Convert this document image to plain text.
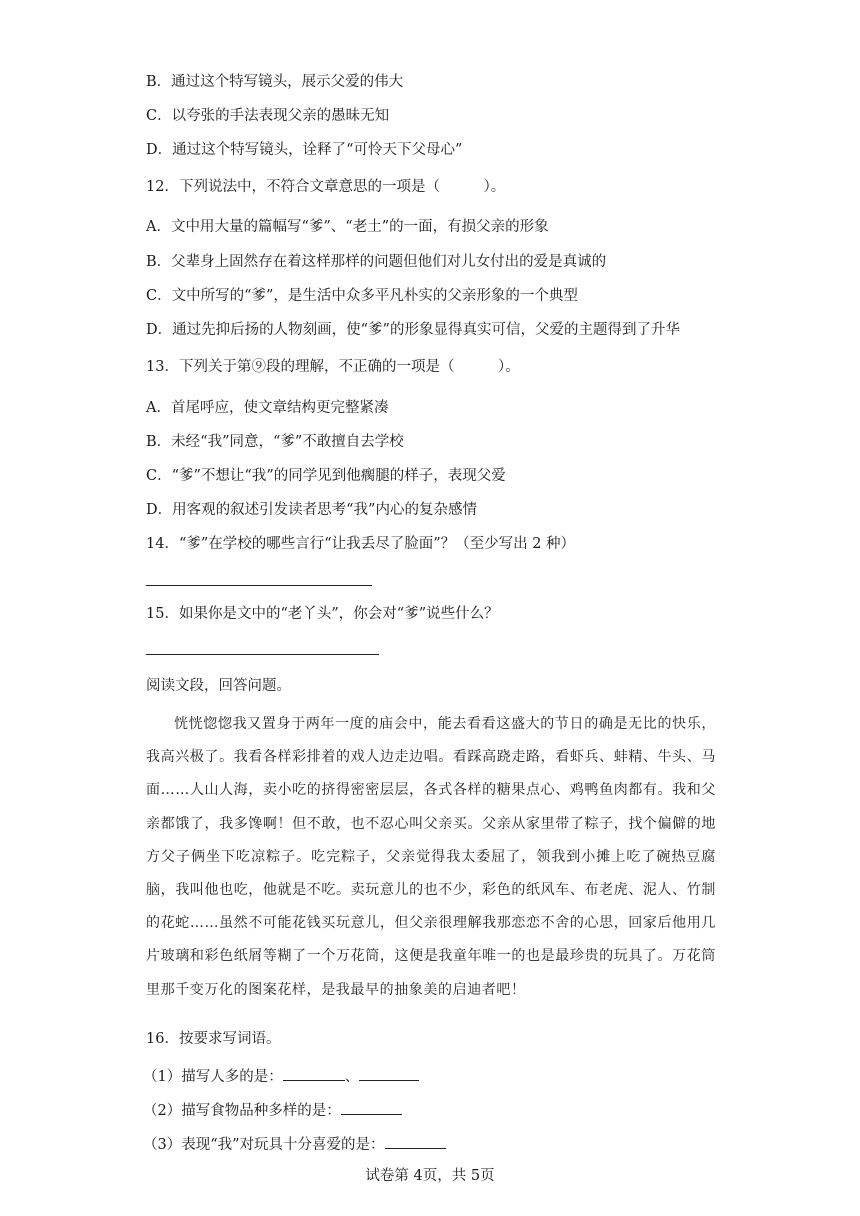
B．通过这个特写镜头，展示父爱的伟大
C．以夸张的手法表现父亲的愚昧无知
D．通过这个特写镜头，诠释了“可怜天下父母心”
12．下列说法中，不符合文章意思的一项是（　　　）。
A．文中用大量的篇幅写“爹”、“老土”的一面，有损父亲的形象
B．父辈身上固然存在着这样那样的问题但他们对儿女付出的爱是真诚的
C．文中所写的“爹”，是生活中众多平凡朴实的父亲形象的一个典型
D．通过先抑后扬的人物刻画，使“爹”的形象显得真实可信，父爱的主题得到了升华
13．下列关于第⑨段的理解，不正确的一项是（　　　）。
A．首尾呼应，使文章结构更完整紧凑
B．未经“我”同意，“爹”不敢擅自去学校
C．“爹”不想让“我”的同学见到他瘸腿的样子，表现父爱
D．用客观的叙述引发读者思考“我”内心的复杂感情
14．“爹”在学校的哪些言行“让我丢尽了脸面”？（至少写出 2 种）
15．如果你是文中的“老丫头”，你会对“爹”说些什么？
阅读文段，回答问题。
恍恍惚惚我又置身于两年一度的庙会中，能去看看这盛大的节日的确是无比的快乐，我高兴极了。我看各样彩排着的戏人边走边唱。看踩高跷走路，看虾兵、蚌精、牛头、马面……人山人海，卖小吃的挤得密密层层，各式各样的糖果点心、鸡鸭鱼肉都有。我和父亲都饿了，我多馋啊！但不敢，也不忍心叫父亲买。父亲从家里带了粽子，找个偏僻的地方父子俩坐下吃凉粽子。吃完粽子，父亲觉得我太委屈了，领我到小摊上吃了碗热豆腐脑，我叫他也吃，他就是不吃。卖玩意儿的也不少，彩色的纸风车、布老虎、泥人、竹制的花蛇……虽然不可能花钱买玩意儿，但父亲很理解我那恋恋不舍的心思，回家后他用几片玻璃和彩色纸屑等糊了一个万花筒，这便是我童年唯一的也是最珍贵的玩具了。万花筒里那千变万化的图案花样，是我最早的抽象美的启迪者吧！
16．按要求写词语。
（1）描写人多的是：	、
（2）描写食物品种多样的是：
（3）表现“我”对玩具十分喜爱的是：
试卷第 4页，共 5页
